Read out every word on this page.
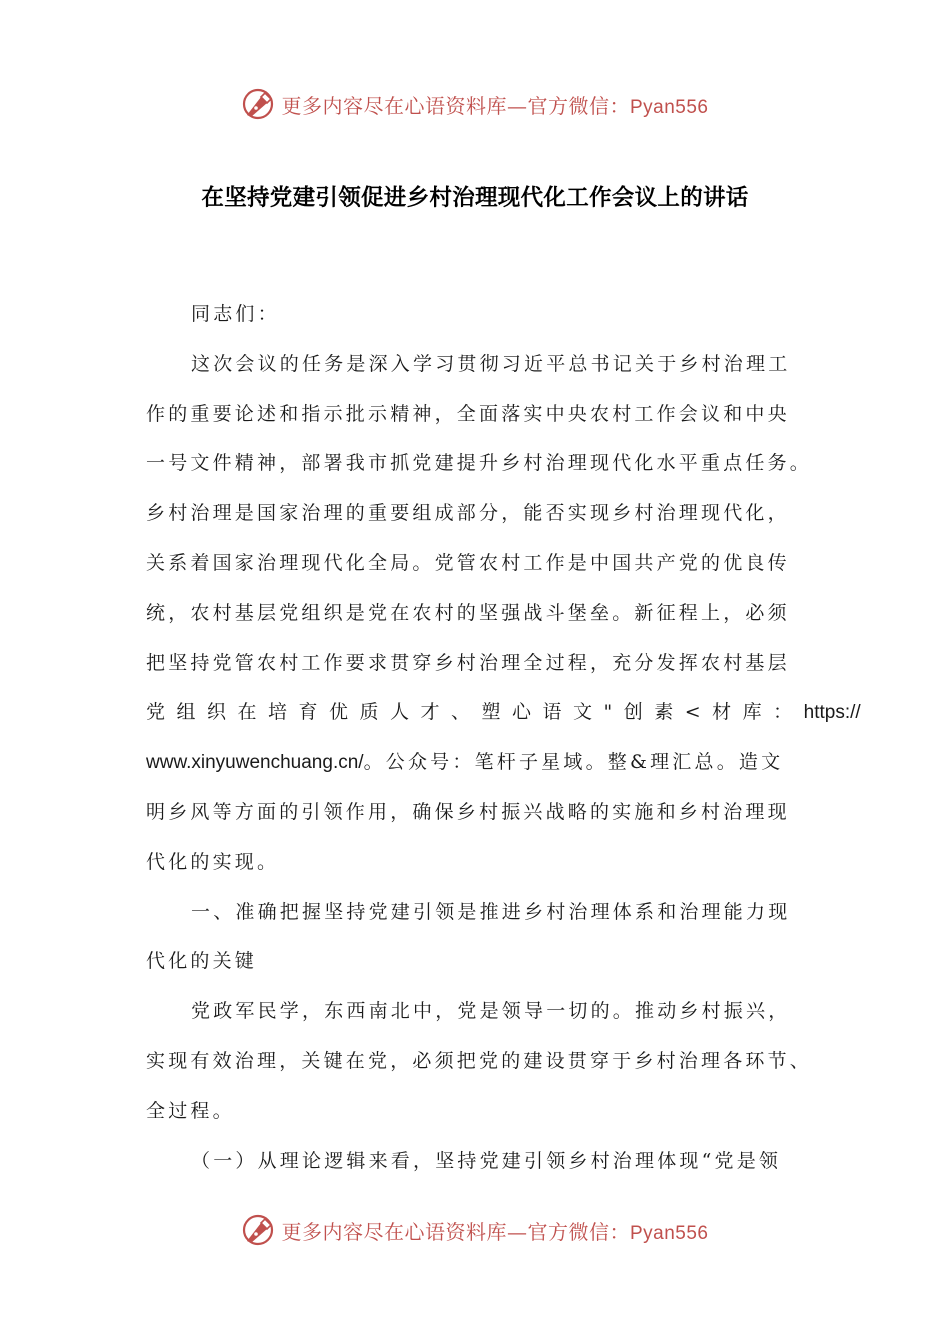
更多内容尽在心语资料库—官方微信：Pyan556
在坚持党建引领促进乡村治理现代化工作会议上的讲话
同志们：
这次会议的任务是深入学习贯彻习近平总书记关于乡村治理工
作的重要论述和指示批示精神，全面落实中央农村工作会议和中央
一号文件精神，部署我市抓党建提升乡村治理现代化水平重点任务。
乡村治理是国家治理的重要组成部分，能否实现乡村治理现代化，
关系着国家治理现代化全局。党管农村工作是中国共产党的优良传
统，农村基层党组织是党在农村的坚强战斗堡垒。新征程上，必须
把坚持党管农村工作要求贯穿乡村治理全过程，充分发挥农村基层
党组织在培育优质人才、塑心语文"创素<材库：https://
www.xinyuwenchuang.cn/。公众号：笔杆子星域。整&理汇总。造文
明乡风等方面的引领作用，确保乡村振兴战略的实施和乡村治理现
代化的实现。
一、准确把握坚持党建引领是推进乡村治理体系和治理能力现
代化的关键
党政军民学，东西南北中，党是领导一切的。推动乡村振兴，
实现有效治理，关键在党，必须把党的建设贯穿于乡村治理各环节、
全过程。
（一）从理论逻辑来看，坚持党建引领乡村治理体现“党是领
更多内容尽在心语资料库—官方微信：Pyan556
